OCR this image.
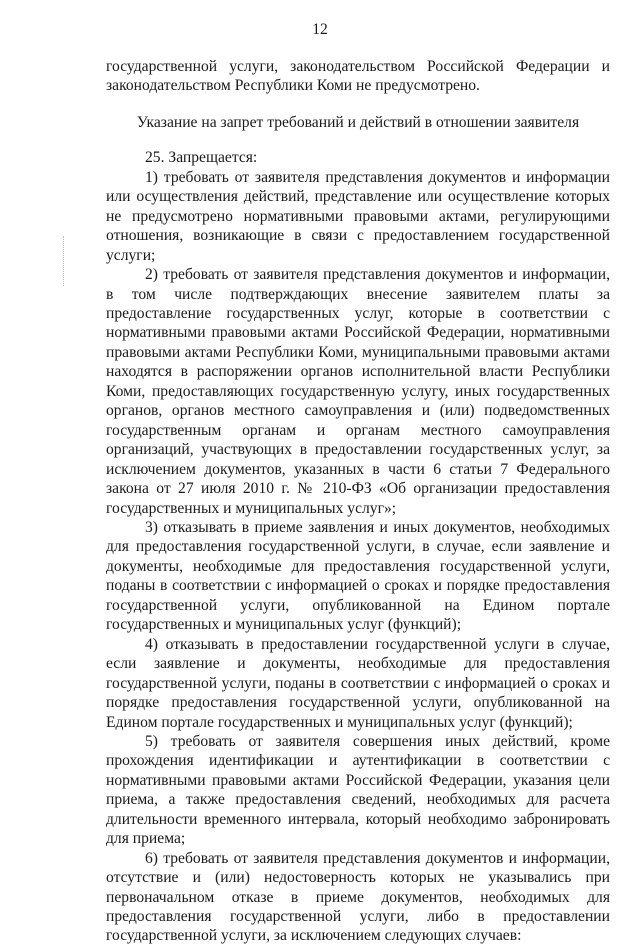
12

государственной услуги, законодательством Российской Федерации и законодательством Республики Коми не предусмотрено.

Указание на запрет требований и действий в отношении заявителя

25. Запрещается:

1) требовать от заявителя представления документов и информации или осуществления действий, представление или осуществление которых не предусмотрено нормативными правовыми актами, регулирующими отношения, возникающие в связи с предоставлением государственной услуги;

2) требовать от заявителя представления документов и информации, в том числе подтверждающих внесение заявителем платы за предоставление государственных услуг, которые в соответствии с нормативными правовыми актами Российской Федерации, нормативными правовыми актами Республики Коми, муниципальными правовыми актами находятся в распоряжении органов исполнительной власти Республики Коми, предоставляющих государственную услугу, иных государственных органов, органов местного самоуправления и (или) подведомственных государственным органам и органам местного самоуправления организаций, участвующих в предоставлении государственных услуг, за исключением документов, указанных в части 6 статьи 7 Федерального закона от 27 июля 2010 г. № 210-ФЗ «Об организации предоставления государственных и муниципальных услуг»;

3) отказывать в приеме заявления и иных документов, необходимых для предоставления государственной услуги, в случае, если заявление и документы, необходимые для предоставления государственной услуги, поданы в соответствии с информацией о сроках и порядке предоставления государственной услуги, опубликованной на Едином портале государственных и муниципальных услуг (функций);

4) отказывать в предоставлении государственной услуги в случае, если заявление и документы, необходимые для предоставления государственной услуги, поданы в соответствии с информацией о сроках и порядке предоставления государственной услуги, опубликованной на Едином портале государственных и муниципальных услуг (функций);

5) требовать от заявителя совершения иных действий, кроме прохождения идентификации и аутентификации в соответствии с нормативными правовыми актами Российской Федерации, указания цели приема, а также предоставления сведений, необходимых для расчета длительности временного интервала, который необходимо забронировать для приема;

6) требовать от заявителя представления документов и информации, отсутствие и (или) недостоверность которых не указывались при первоначальном отказе в приеме документов, необходимых для предоставления государственной услуги, либо в предоставлении государственной услуги, за исключением следующих случаев:
